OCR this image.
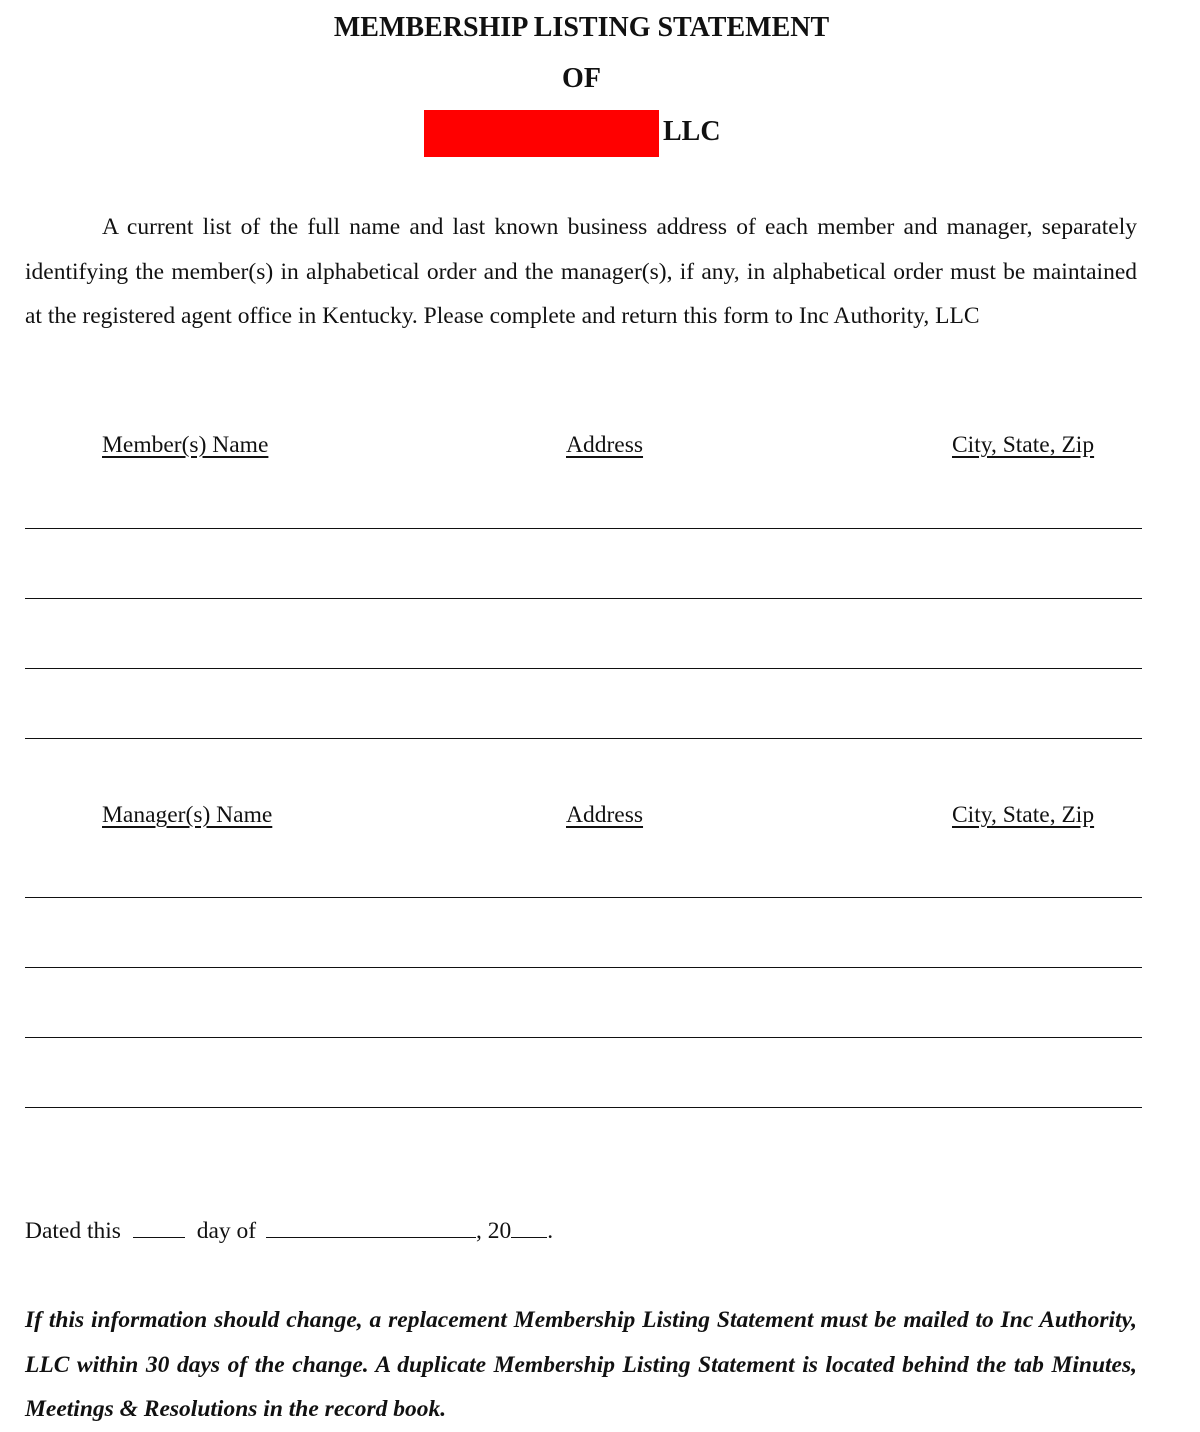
MEMBERSHIP LISTING STATEMENT
OF
LLC

A current list of the full name and last known business address of each member and manager, separately identifying the member(s) in alphabetical order and the manager(s), if any, in alphabetical order must be maintained at the registered agent office in Kentucky. Please complete and return this form to Inc Authority, LLC

Member(s) Name	Address	City, State, Zip
Manager(s) Name	Address	City, State, Zip
Dated this	day of	, 20 .

If this information should change, a replacement Membership Listing Statement must be mailed to Inc Authority, LLC within 30 days of the change. A duplicate Membership Listing Statement is located behind the tab Minutes, Meetings & Resolutions in the record book.
